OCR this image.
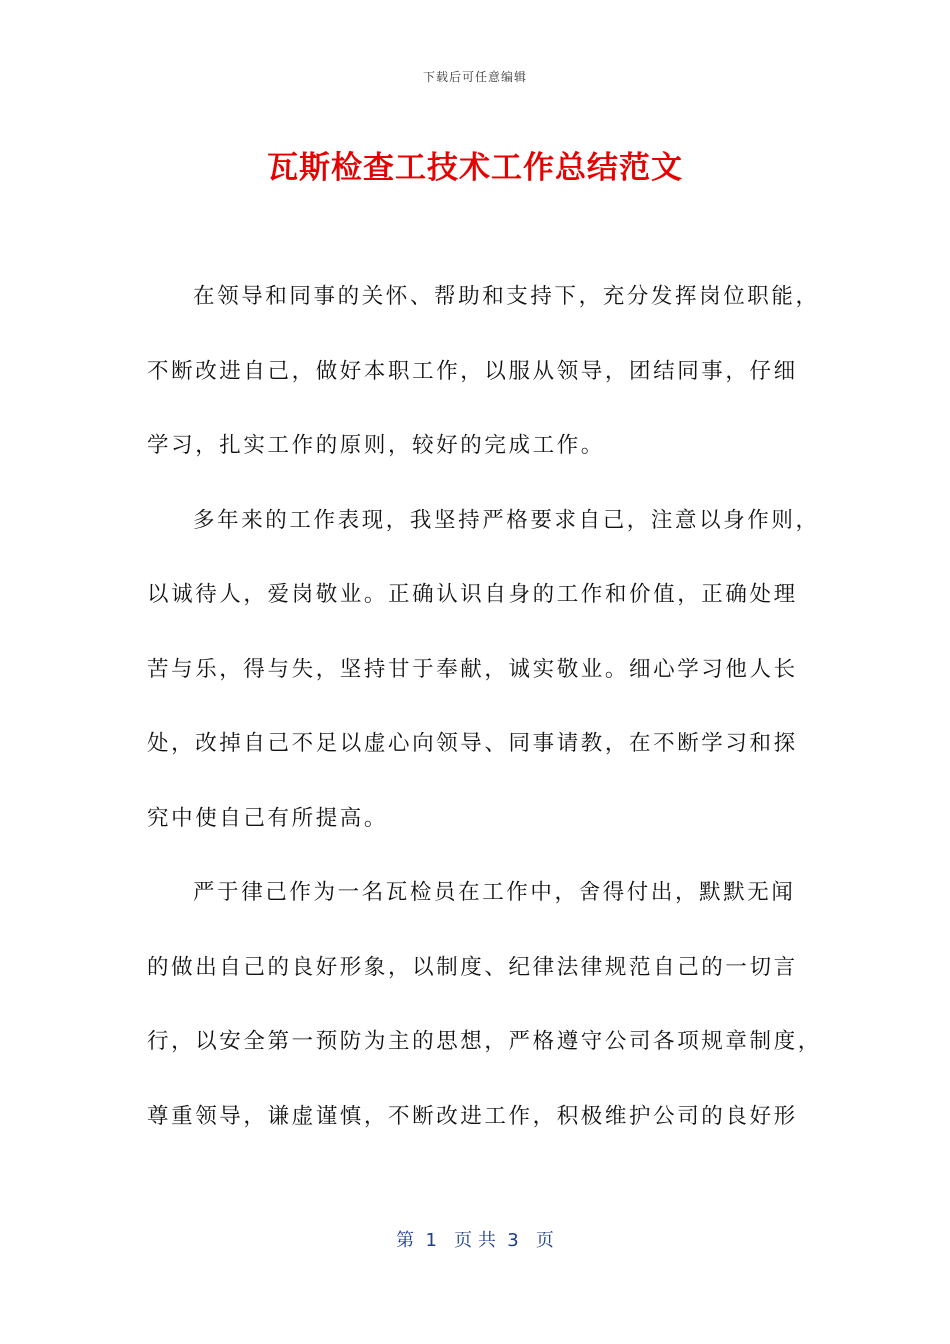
下载后可任意编辑
瓦斯检查工技术工作总结范文
在领导和同事的关怀、帮助和支持下，充分发挥岗位职能，
不断改进自己，做好本职工作，以服从领导，团结同事，仔细
学习，扎实工作的原则，较好的完成工作。
多年来的工作表现，我坚持严格要求自己，注意以身作则，
以诚待人，爱岗敬业。正确认识自身的工作和价值，正确处理
苦与乐，得与失，坚持甘于奉献，诚实敬业。细心学习他人长
处，改掉自己不足以虚心向领导、同事请教，在不断学习和探
究中使自己有所提高。
严于律己作为一名瓦检员在工作中，舍得付出，默默无闻
的做出自己的良好形象，以制度、纪律法律规范自己的一切言
行，以安全第一预防为主的思想，严格遵守公司各项规章制度，
尊重领导，谦虚谨慎，不断改进工作，积极维护公司的良好形
第  1   页 共  3   页
